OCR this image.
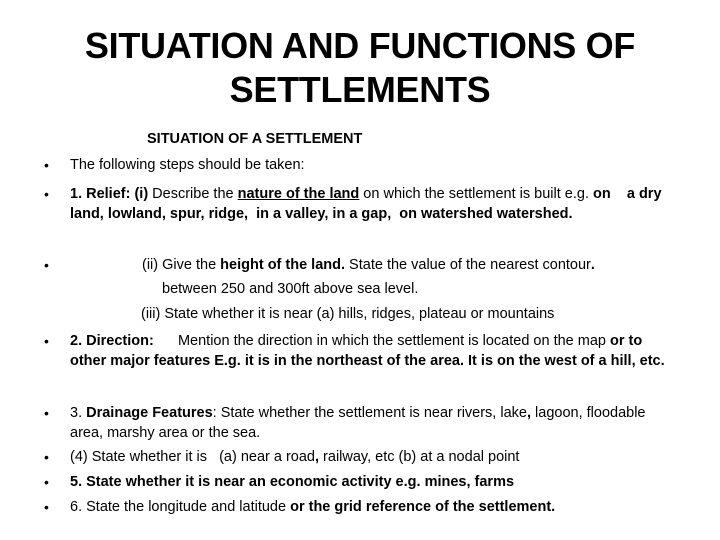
SITUATION AND FUNCTIONS OF SETTLEMENTS
SITUATION OF A SETTLEMENT
• The following steps should be taken:
• 1. Relief: (i) Describe the nature of the land on which the settlement is built e.g. on    a dry land, lowland, spur, ridge,  in a valley, in a gap,  on watershed watershed.
•	(ii) Give the height of the land. State the value of the nearest contour.
between 250 and 300ft above sea level.
(iii) State whether it is near (a) hills, ridges, plateau or mountains
• 2. Direction:      Mention the direction in which the settlement is located on the map or to other major features E.g. it is in the northeast of the area. It is on the west of a hill, etc.
• 3. Drainage Features: State whether the settlement is near rivers, lake, lagoon, floodable area, marshy area or the sea.
• (4) State whether it is   (a) near a road, railway, etc (b) at a nodal point
• 5. State whether it is near an economic activity e.g. mines, farms
• 6. State the longitude and latitude or the grid reference of the settlement.
